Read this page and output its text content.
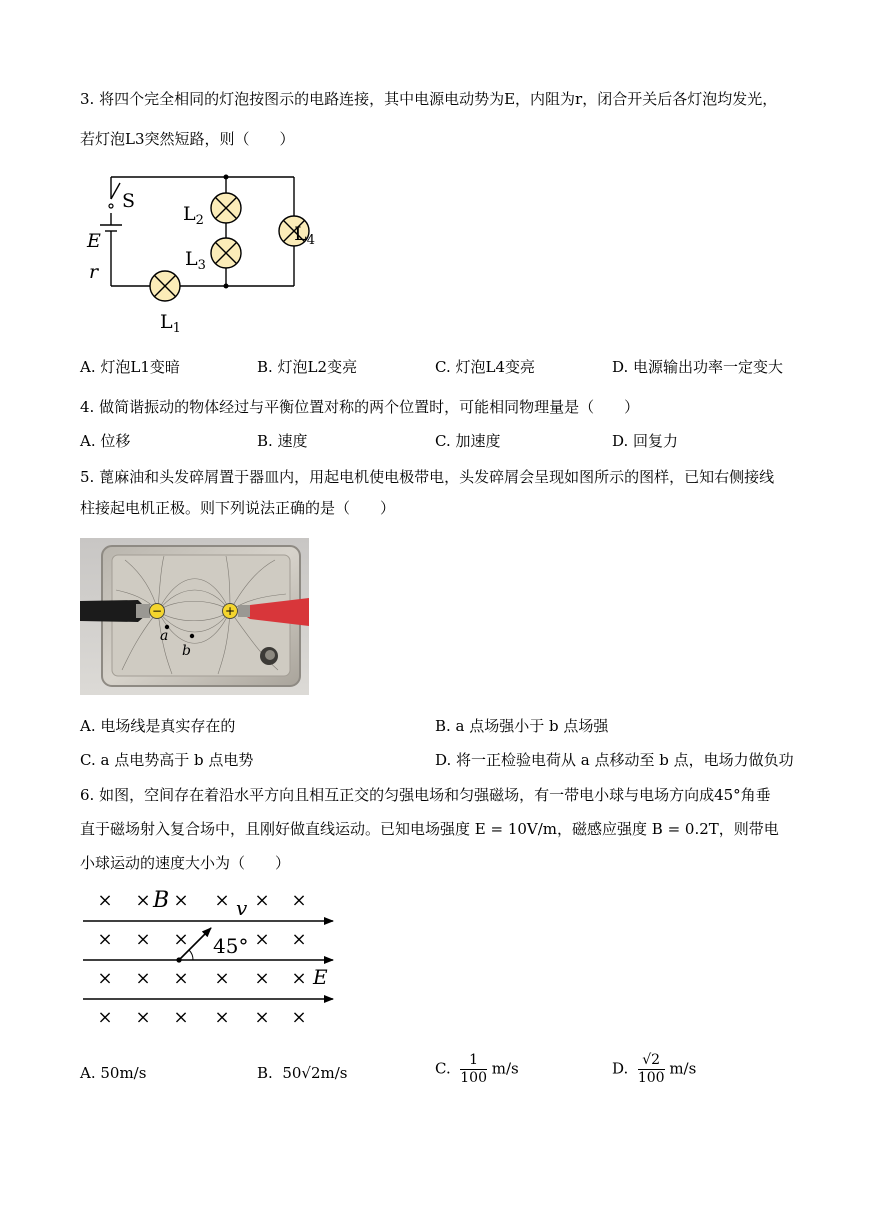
3. 将四个完全相同的灯泡按图示的电路连接，其中电源电动势为E，内阻为r，闭合开关后各灯泡均发光，
若灯泡L3突然短路，则（　　）
S
E
r
$L_2$
$L_3$
$L_4$
$L_1$
A. 灯泡L1变暗	B. 灯泡L2变亮	C. 灯泡L4变亮	D. 电源输出功率一定变大
4. 做简谐振动的物体经过与平衡位置对称的两个位置时，可能相同物理量是（　　）
A. 位移	B. 速度	C. 加速度	D. 回复力
5. 蓖麻油和头发碎屑置于器皿内，用起电机使电极带电，头发碎屑会呈现如图所示的图样，已知右侧接线
柱接起电机正极。则下列说法正确的是（　　）
−	+
a
b
A. 电场线是真实存在的	B. a 点场强小于 b 点场强
C. a 点电势高于 b 点电势	D. 将一正检验电荷从 a 点移动至 b 点，电场力做负功
6. 如图，空间存在着沿水平方向且相互正交的匀强电场和匀强磁场，有一带电小球与电场方向成45°角垂
直于磁场射入复合场中，且刚好做直线运动。已知电场强度 E = 10V/m，磁感应强度 B = 0.2T，则带电
小球运动的速度大小为（　　）
× × × × × ×
× × ×	× ×
× × × × × ×
× × × × × ×
B	v
45°
E
A. 50m/s	B. 50√2m/s	C. $\frac{1}{100} m/s$	D. $\frac{√2}{100} m/s$
